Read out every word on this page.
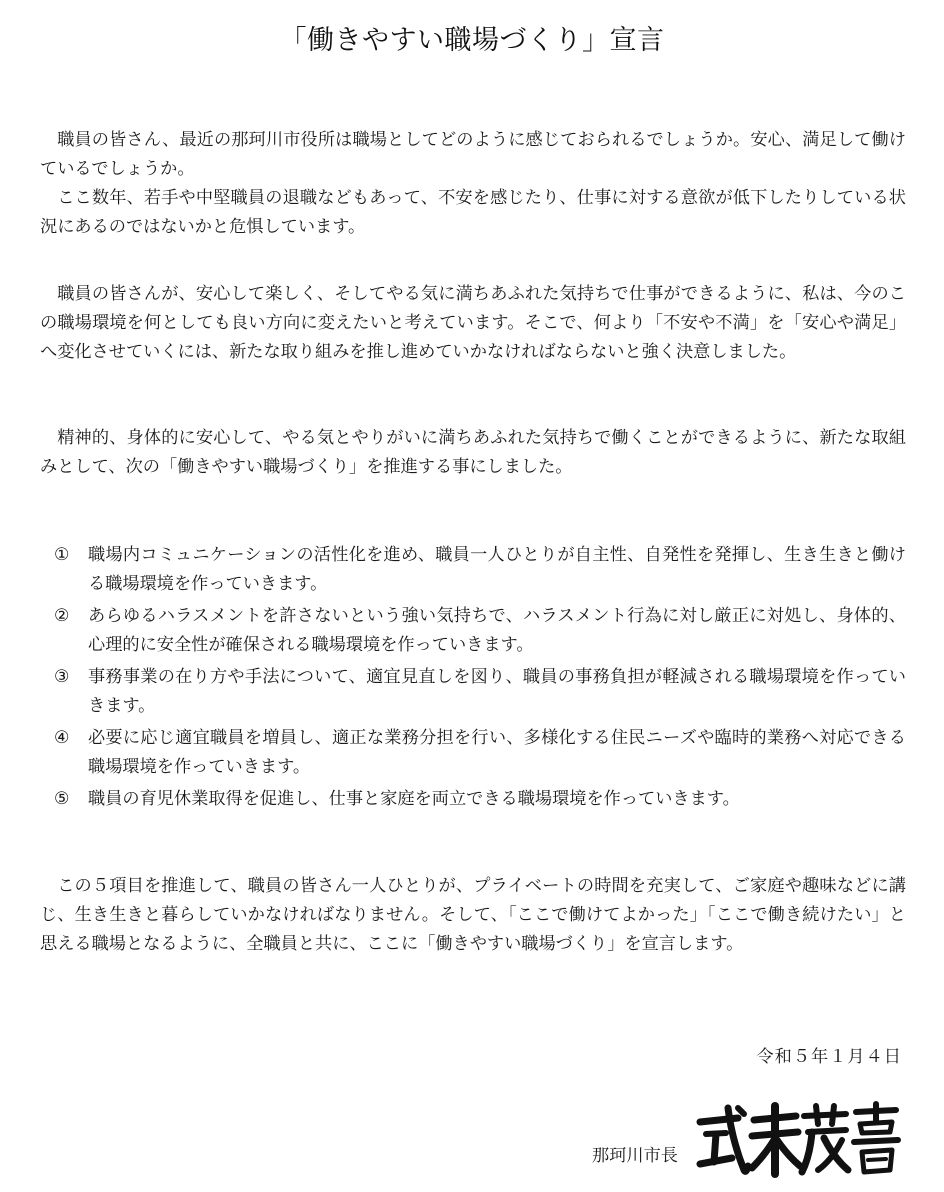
「働きやすい職場づくり」宣言

職員の皆さん、最近の那珂川市役所は職場としてどのように感じておられるでしょうか。安心、満足して働けているでしょうか。

ここ数年、若手や中堅職員の退職などもあって、不安を感じたり、仕事に対する意欲が低下したりしている状況にあるのではないかと危惧しています。

職員の皆さんが、安心して楽しく、そしてやる気に満ちあふれた気持ちで仕事ができるように、私は、今のこの職場環境を何としても良い方向に変えたいと考えています。そこで、何より「不安や不満」を「安心や満足」へ変化させていくには、新たな取り組みを推し進めていかなければならないと強く決意しました。

精神的、身体的に安心して、やる気とやりがいに満ちあふれた気持ちで働くことができるように、新たな取組みとして、次の「働きやすい職場づくり」を推進する事にしました。

①	職場内コミュニケーションの活性化を進め、職員一人ひとりが自主性、自発性を発揮し、生き生きと働ける職場環境を作っていきます。
②	あらゆるハラスメントを許さないという強い気持ちで、ハラスメント行為に対し厳正に対処し、身体的、心理的に安全性が確保される職場環境を作っていきます。
③	事務事業の在り方や手法について、適宜見直しを図り、職員の事務負担が軽減される職場環境を作っていきます。
④	必要に応じ適宜職員を増員し、適正な業務分担を行い、多様化する住民ニーズや臨時的業務へ対応できる職場環境を作っていきます。
⑤	職員の育児休業取得を促進し、仕事と家庭を両立できる職場環境を作っていきます。

この５項目を推進して、職員の皆さん一人ひとりが、プライベートの時間を充実して、ご家庭や趣味などに講じ、生き生きと暮らしていかなければなりません。そして、「ここで働けてよかった」「ここで働き続けたい」と思える職場となるように、全職員と共に、ここに「働きやすい職場づくり」を宣言します。

令和５年１月４日
那珂川市長
